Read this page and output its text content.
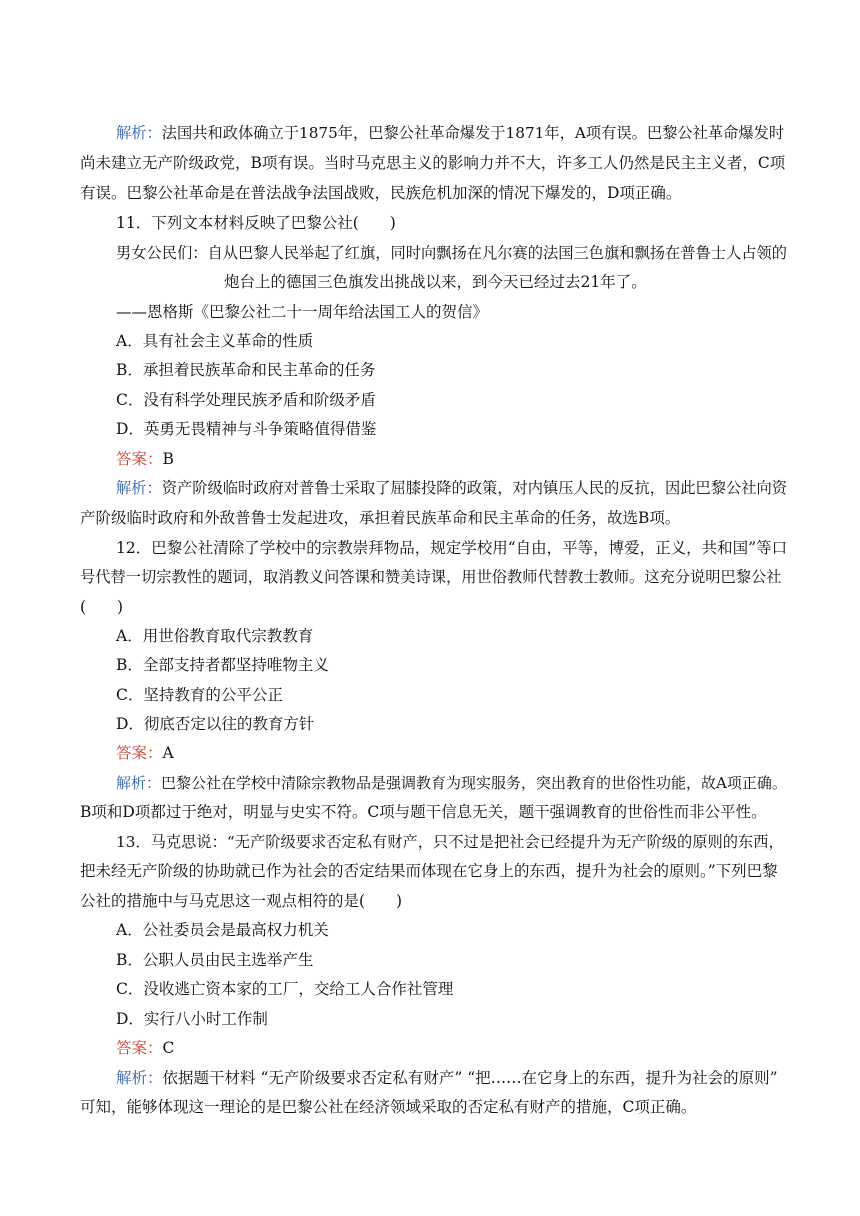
解析：法国共和政体确立于1875年，巴黎公社革命爆发于1871年，A项有误。巴黎公社革命爆发时
尚未建立无产阶级政党，B项有误。当时马克思主义的影响力并不大，许多工人仍然是民主主义者，C项
有误。巴黎公社革命是在普法战争法国战败，民族危机加深的情况下爆发的，D项正确。
11．下列文本材料反映了巴黎公社(　　)
男女公民们：自从巴黎人民举起了红旗，同时向飘扬在凡尔赛的法国三色旗和飘扬在普鲁士人占领的
炮台上的德国三色旗发出挑战以来，到今天已经过去21年了。
——恩格斯《巴黎公社二十一周年给法国工人的贺信》
A．具有社会主义革命的性质
B．承担着民族革命和民主革命的任务
C．没有科学处理民族矛盾和阶级矛盾
D．英勇无畏精神与斗争策略值得借鉴
答案：B
解析：资产阶级临时政府对普鲁士采取了屈膝投降的政策，对内镇压人民的反抗，因此巴黎公社向资
产阶级临时政府和外敌普鲁士发起进攻，承担着民族革命和民主革命的任务，故选B项。
12．巴黎公社清除了学校中的宗教崇拜物品，规定学校用“自由，平等，博爱，正义，共和国”等口
号代替一切宗教性的题词，取消教义问答课和赞美诗课，用世俗教师代替教士教师。这充分说明巴黎公社
(　　)
A．用世俗教育取代宗教教育
B．全部支持者都坚持唯物主义
C．坚持教育的公平公正
D．彻底否定以往的教育方针
答案：A
解析：巴黎公社在学校中清除宗教物品是强调教育为现实服务，突出教育的世俗性功能，故A项正确。
B项和D项都过于绝对，明显与史实不符。C项与题干信息无关，题干强调教育的世俗性而非公平性。
13．马克思说：“无产阶级要求否定私有财产，只不过是把社会已经提升为无产阶级的原则的东西，
把未经无产阶级的协助就已作为社会的否定结果而体现在它身上的东西，提升为社会的原则。”下列巴黎
公社的措施中与马克思这一观点相符的是(　　)
A．公社委员会是最高权力机关
B．公职人员由民主选举产生
C．没收逃亡资本家的工厂，交给工人合作社管理
D．实行八小时工作制
答案：C
解析：依据题干材料 “无产阶级要求否定私有财产” “把……在它身上的东西，提升为社会的原则”
可知，能够体现这一理论的是巴黎公社在经济领域采取的否定私有财产的措施，C项正确。
